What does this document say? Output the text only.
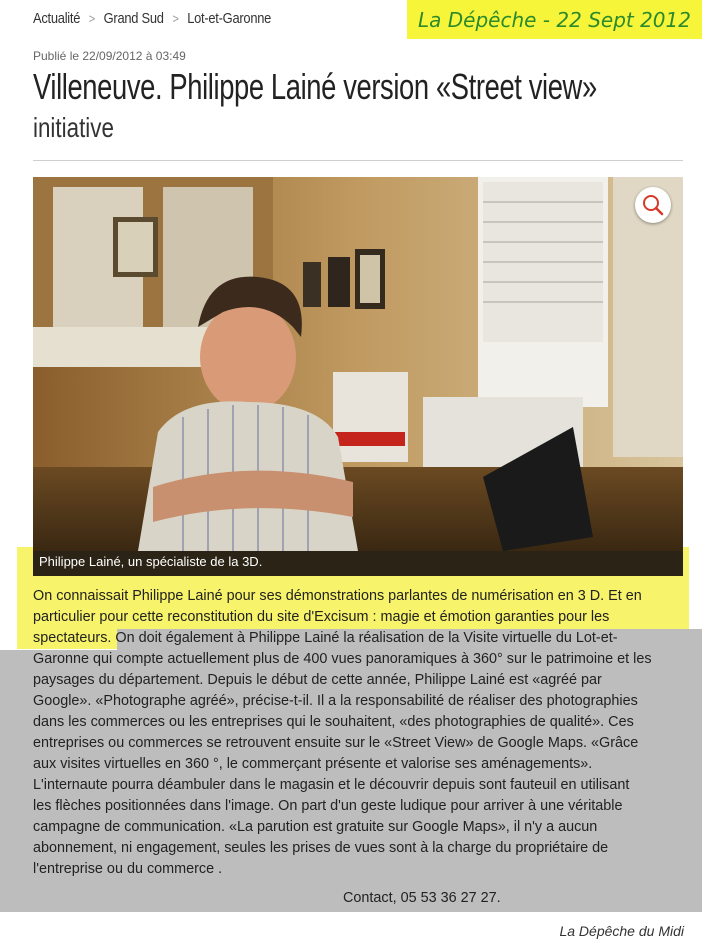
Actualité > Grand Sud > Lot-et-Garonne	La Dépêche - 22 Sept 2012
Publié le 22/09/2012 à 03:49
Villeneuve. Philippe Lainé version «Street view»
initiative
Philippe Lainé, un spécialiste de la 3D.
On connaissait Philippe Lainé pour ses démonstrations parlantes de numérisation en 3 D. Et en
particulier pour cette reconstitution du site d'Excisum : magie et émotion garanties pour les
spectateurs. On doit également à Philippe Lainé la réalisation de la Visite virtuelle du Lot-et-
Garonne qui compte actuellement plus de 400 vues panoramiques à 360° sur le patrimoine et les
paysages du département. Depuis le début de cette année, Philippe Lainé est «agréé par
Google». «Photographe agréé», précise-t-il. Il a la responsabilité de réaliser des photographies
dans les commerces ou les entreprises qui le souhaitent, «des photographies de qualité». Ces
entreprises ou commerces se retrouvent ensuite sur le «Street View» de Google Maps. «Grâce
aux visites virtuelles en 360 °, le commerçant présente et valorise ses aménagements».
L'internaute pourra déambuler dans le magasin et le découvrir depuis sont fauteuil en utilisant
les flèches positionnées dans l'image. On part d'un geste ludique pour arriver à une véritable
campagne de communication. «La parution est gratuite sur Google Maps», il n'y a aucun
abonnement, ni engagement, seules les prises de vues sont à la charge du propriétaire de
l'entreprise ou du commerce .
Contact, 05 53 36 27 27.
La Dépêche du Midi
